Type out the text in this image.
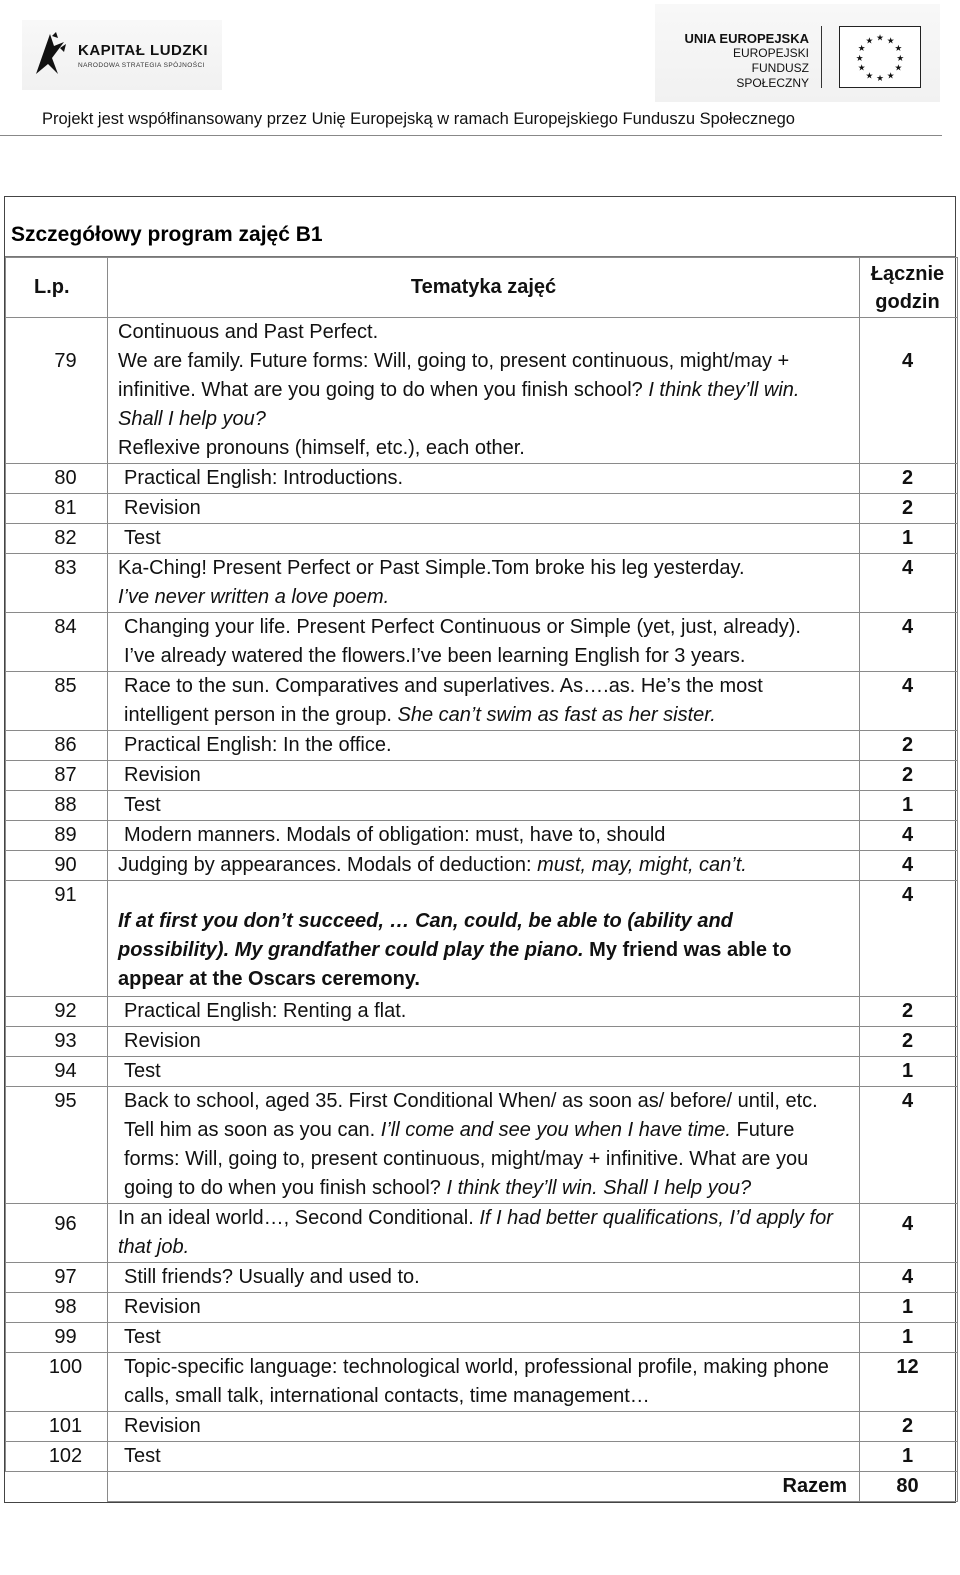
KAPITAŁ LUDZKI
NARODOWA STRATEGIA SPÓJNOŚCI
UNIA EUROPEJSKA
EUROPEJSKI
FUNDUSZ SPOŁECZNY
★ ★
★
★
★
★
★
★
★
★
★
★
Projekt jest współfinansowany przez Unię Europejską w ramach Europejskiego Funduszu Społecznego
Szczegółowy program zajęć B1
L.p.	Tematyka zajęć	Łącznie
godzin

79	Continuous and Past Perfect.
We are family. Future forms: Will, going to, present continuous, might/may +
infinitive. What are you going to do when you finish school? I think they’ll win.
Shall I help you?
Reflexive pronouns (himself, etc.), each other.	4
80	Practical English: Introductions.	2
81	Revision	2
82	Test	1
83	Ka-Ching! Present Perfect or Past Simple.Tom broke his leg yesterday.
I’ve never written a love poem.	4
84	Changing your life. Present Perfect Continuous or Simple (yet, just, already).
I’ve already watered the flowers.I’ve been learning English for 3 years.	4
85	Race to the sun. Comparatives and superlatives. As….as. He’s the most
intelligent person in the group. She can’t swim as fast as her sister.	4
86	Practical English: In the office.	2
87	Revision	2
88	Test	1
89	Modern manners. Modals of obligation: must, have to, should	4
90	Judging by appearances. Modals of deduction: must, may, might, can’t.	4
91	If at first you don’t succeed, … Can, could, be able to (ability and
possibility). My grandfather could play the piano. My friend was able to
appear at the Oscars ceremony.	4
92	Practical English: Renting a flat.	2
93	Revision	2
94	Test	1
95	Back to school, aged 35. First Conditional When/ as soon as/ before/ until, etc.
Tell him as soon as you can. I’ll come and see you when I have time. Future
forms: Will, going to, present continuous, might/may + infinitive. What are you
going to do when you finish school? I think they’ll win. Shall I help you?	4
96	In an ideal world…, Second Conditional. If I had better qualifications, I’d apply for
that job.	4
97	Still friends? Usually and used to.	4
98	Revision	1
99	Test	1
100	Topic-specific language: technological world, professional profile, making phone
calls, small talk, international contacts, time management…	12
101	Revision	2
102	Test	1
	Razem	80
